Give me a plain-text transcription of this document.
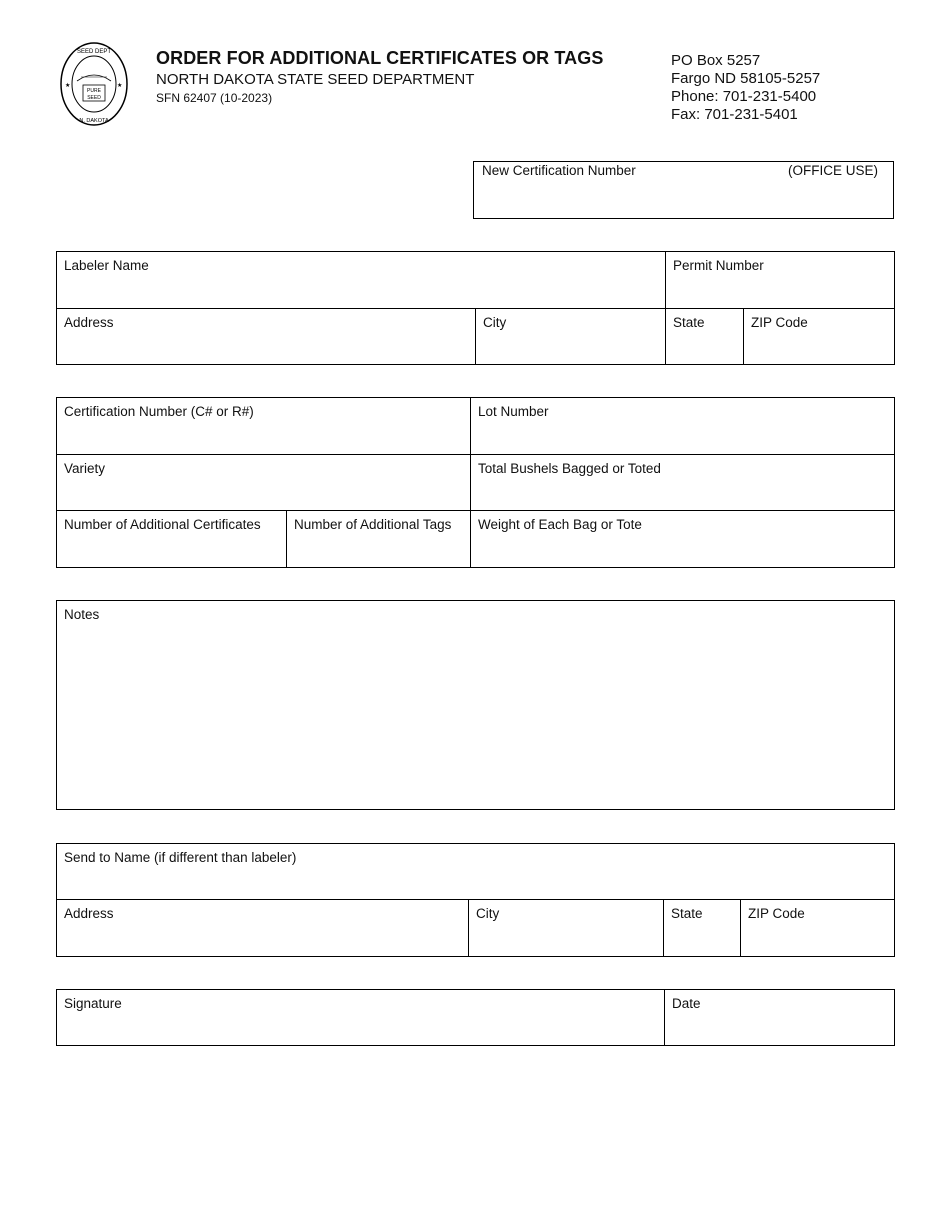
SEED DEPT
N. DAKOTA
★	★
PURE
SEED
ORDER FOR ADDITIONAL CERTIFICATES OR TAGS
NORTH DAKOTA STATE SEED DEPARTMENT
SFN 62407 (10-2023)
PO Box 5257
Fargo ND 58105-5257
Phone: 701-231-5400
Fax: 701-231-5401
New Certification Number	(OFFICE USE)
Labeler Name	Permit Number
Address	City	State	ZIP Code
Certification Number (C# or R#)	Lot Number
Variety	Total Bushels Bagged or Toted
Number of Additional Certificates	Number of Additional Tags	Weight of Each Bag or Tote
Notes
Send to Name (if different than labeler)
Address	City	State	ZIP Code
Signature	Date
